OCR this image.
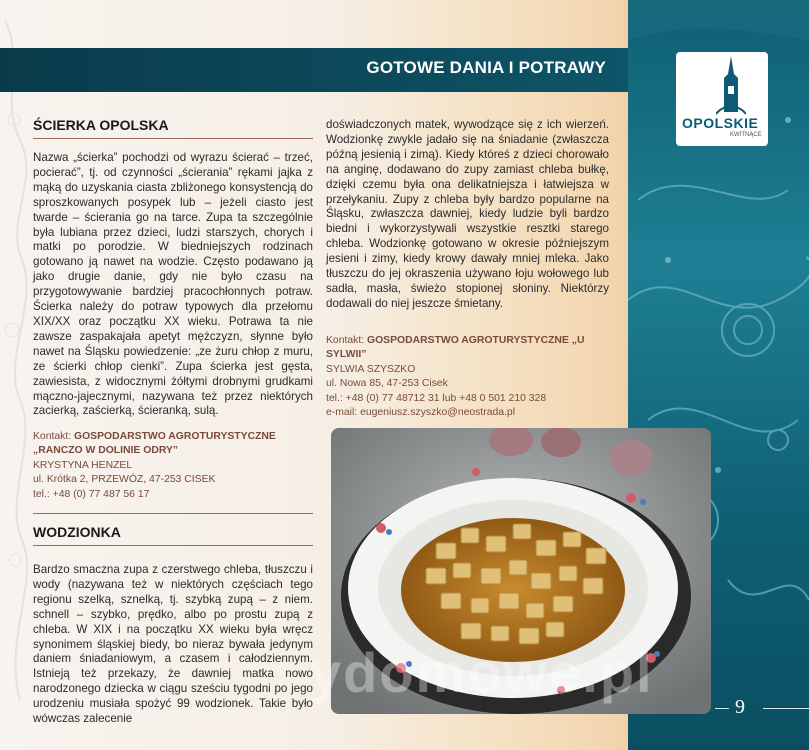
GOTOWE DANIA I POTRAWY
OPOLSKIE
KWITNĄCE
ŚCIERKA OPOLSKA

Nazwa „ścierka” pochodzi od wyrazu ścierać – trzeć, pocierać”, tj. od czynności „ścierania” rękami jajka z mąką do uzyskania ciasta zbliżonego konsystencją do sproszkowanych posypek lub – jeżeli ciasto jest twarde – ścierania go na tarce. Zupa ta szczególnie była lubiana przez dzieci, ludzi starszych, chorych i matki po porodzie. W biedniejszych rodzinach gotowano ją nawet na wodzie. Często podawano ją jako drugie danie, gdy nie było czasu na przygotowywanie bardziej pracochłonnych potraw. Ścierka należy do potraw typowych dla przełomu XIX/XX oraz początku XX wieku. Potrawa ta nie zawsze zaspakajała apetyt mężczyzn, słynne było nawet na Śląsku powiedzenie: „ze żuru chłop z muru, ze ścierki chłop cienki”. Zupa ścierka jest gęsta, zawiesista, z widocznymi żółtymi drobnymi grudkami mączno-jajecznymi, nazywana też przez niektórych zacierką, zaścierką, ścieranką, sulą.

Kontakt: GOSPODARSTWO AGROTURYSTYCZNE „RANCZO W DOLINIE ODRY”
KRYSTYNA HENZEL
ul. Krótka 2, PRZEWÓZ, 47-253 CISEK
tel.: +48 (0) 77 487 56 17
WODZIONKA

Bardzo smaczna zupa z czerstwego chleba, tłuszczu i wody (nazywana też w niektórych częściach tego regionu szelką, sznelką, tj. szybką zupą – z niem. schnell – szybko, prędko, albo po prostu zupą z chleba. W XIX i na początku XX wieku była wręcz synonimem śląskiej biedy, bo nieraz bywała jedynym daniem śniadaniowym, a czasem i całodziennym. Istnieją też przekazy, że dawniej matka nowo narodzonego dziecka w ciągu sześciu tygodni po jego urodzeniu musiała spożyć 99 wodzionek. Takie było wówczas zalecenie

doświadczonych matek, wywodzące się z ich wierzeń. Wodzionkę zwykle jadało się na śniadanie (zwłaszcza późną jesienią i zimą). Kiedy któreś z dzieci chorowało na anginę, dodawano do zupy zamiast chleba bułkę, dzięki czemu była ona delikatniejsza i łatwiejsza w przełykaniu. Zupy z chleba były bardzo popularne na Śląsku, zwłaszcza dawniej, kiedy ludzie byli bardzo biedni i wykorzystywali wszystkie resztki starego chleba. Wodzionkę gotowano w okresie późniejszym jesieni i zimy, kiedy krowy dawały mniej mleka. Jako tłuszczu do jej okraszenia używano łoju wołowego lub sadła, masła, świeżo stopionej słoniny. Niektórzy dodawali do niej jeszcze śmietany.

Kontakt: GOSPODARSTWO AGROTURYSTYCZNE „U SYLWII”
SYLWIA SZYSZKO
ul. Nowa 85, 47-253 Cisek
tel.: +48 (0) 77 48712 31 lub +48 0 501 210 328
e-mail: eugeniusz.szyszko@neostrada.pl
ydomowe.pl
9
